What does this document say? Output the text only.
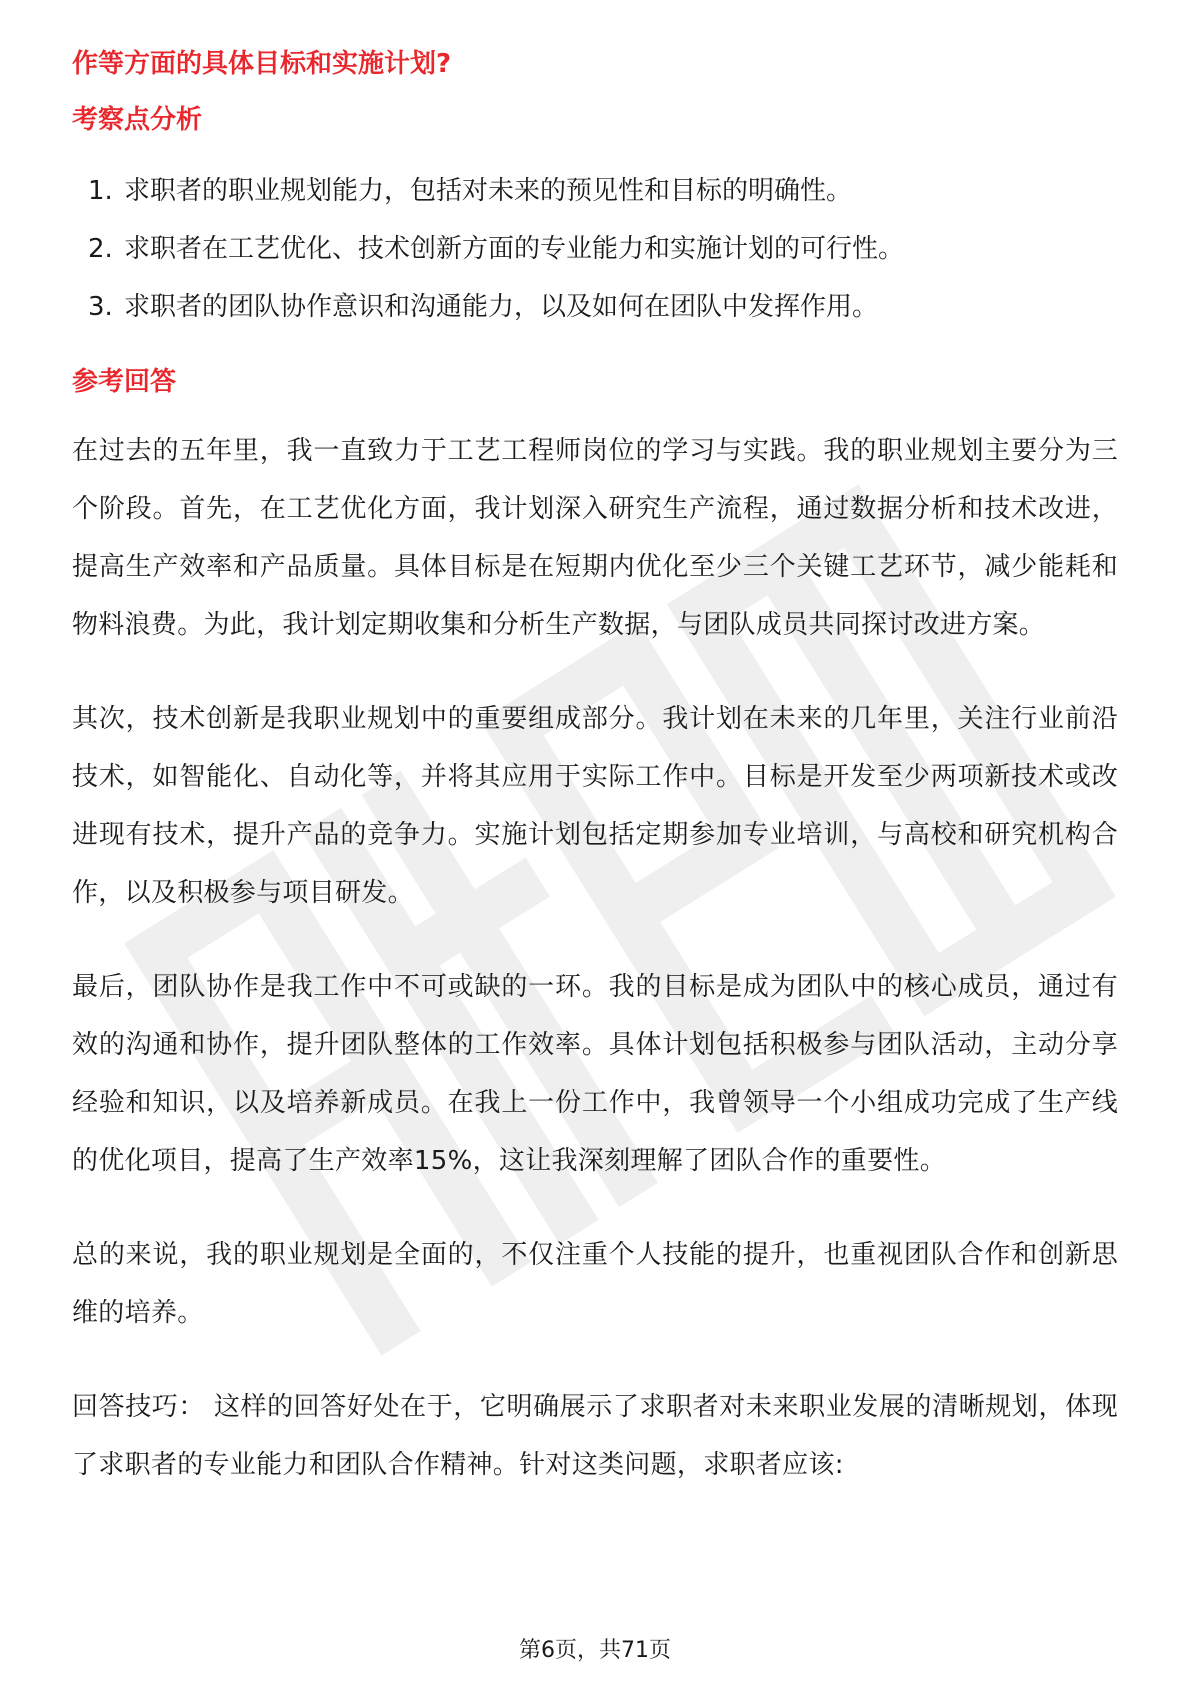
作等方面的具体目标和实施计划?
考察点分析
1. 求职者的职业规划能力，包括对未来的预见性和目标的明确性。
2. 求职者在工艺优化、技术创新方面的专业能力和实施计划的可行性。
3. 求职者的团队协作意识和沟通能力，以及如何在团队中发挥作用。
参考回答

在过去的五年里，我一直致力于工艺工程师岗位的学习与实践。我的职业规划主要分为三个阶段。首先，在工艺优化方面，我计划深入研究生产流程，通过数据分析和技术改进，提高生产效率和产品质量。具体目标是在短期内优化至少三个关键工艺环节，减少能耗和物料浪费。为此，我计划定期收集和分析生产数据，与团队成员共同探讨改进方案。

其次，技术创新是我职业规划中的重要组成部分。我计划在未来的几年里，关注行业前沿技术，如智能化、自动化等，并将其应用于实际工作中。目标是开发至少两项新技术或改进现有技术，提升产品的竞争力。实施计划包括定期参加专业培训，与高校和研究机构合作，以及积极参与项目研发。

最后，团队协作是我工作中不可或缺的一环。我的目标是成为团队中的核心成员，通过有效的沟通和协作，提升团队整体的工作效率。具体计划包括积极参与团队活动，主动分享经验和知识，以及培养新成员。在我上一份工作中，我曾领导一个小组成功完成了生产线的优化项目，提高了生产效率15%，这让我深刻理解了团队合作的重要性。

总的来说，我的职业规划是全面的，不仅注重个人技能的提升，也重视团队合作和创新思维的培养。

回答技巧： 这样的回答好处在于，它明确展示了求职者对未来职业发展的清晰规划，体现了求职者的专业能力和团队合作精神。针对这类问题，求职者应该:

第6页，共71页
